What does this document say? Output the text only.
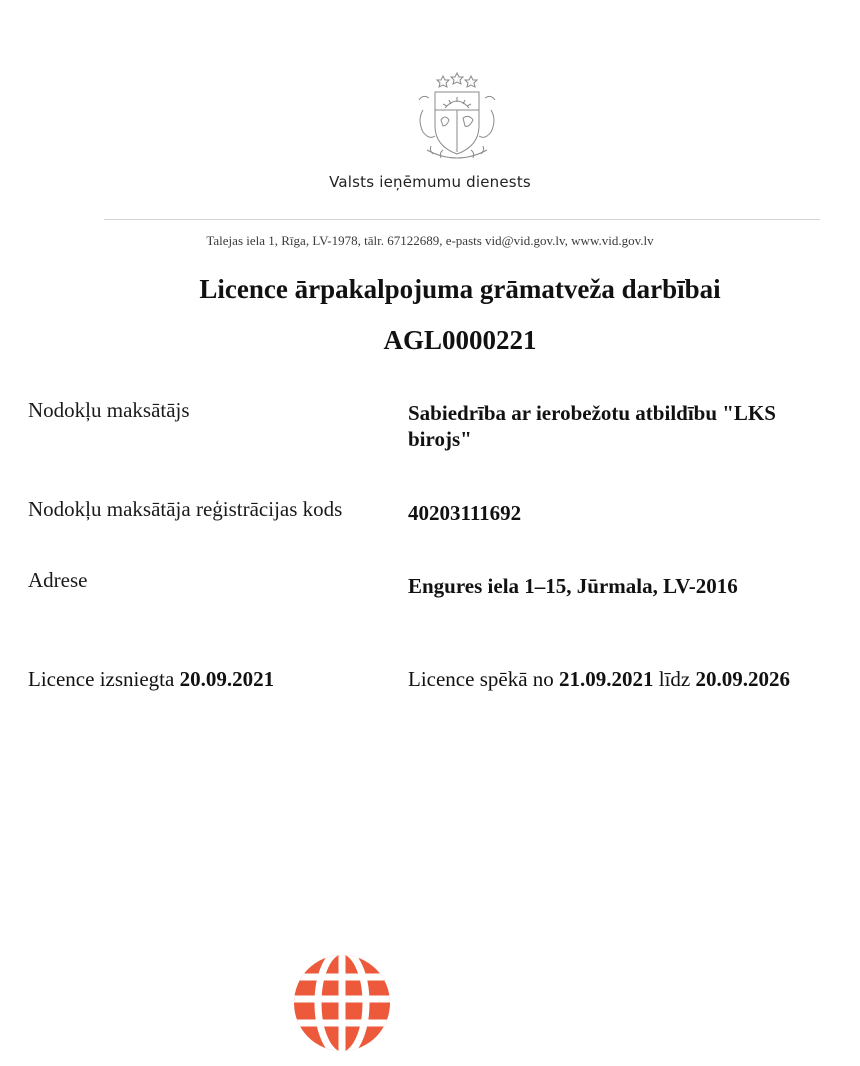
Valsts ieņēmumu dienests
Talejas iela 1, Rīga, LV-1978, tālr. 67122689, e-pasts vid@vid.gov.lv, www.vid.gov.lv
Licence ārpakalpojuma grāmatveža darbībai
AGL0000221
Nodokļu maksātājs	Sabiedrība ar ierobežotu atbildību "LKS birojs"
Nodokļu maksātāja reģistrācijas kods	40203111692
Adrese	Engures iela 1–15, Jūrmala, LV-2016
Licence izsniegta 20.09.2021	Licence spēkā no 21.09.2021 līdz 20.09.2026
